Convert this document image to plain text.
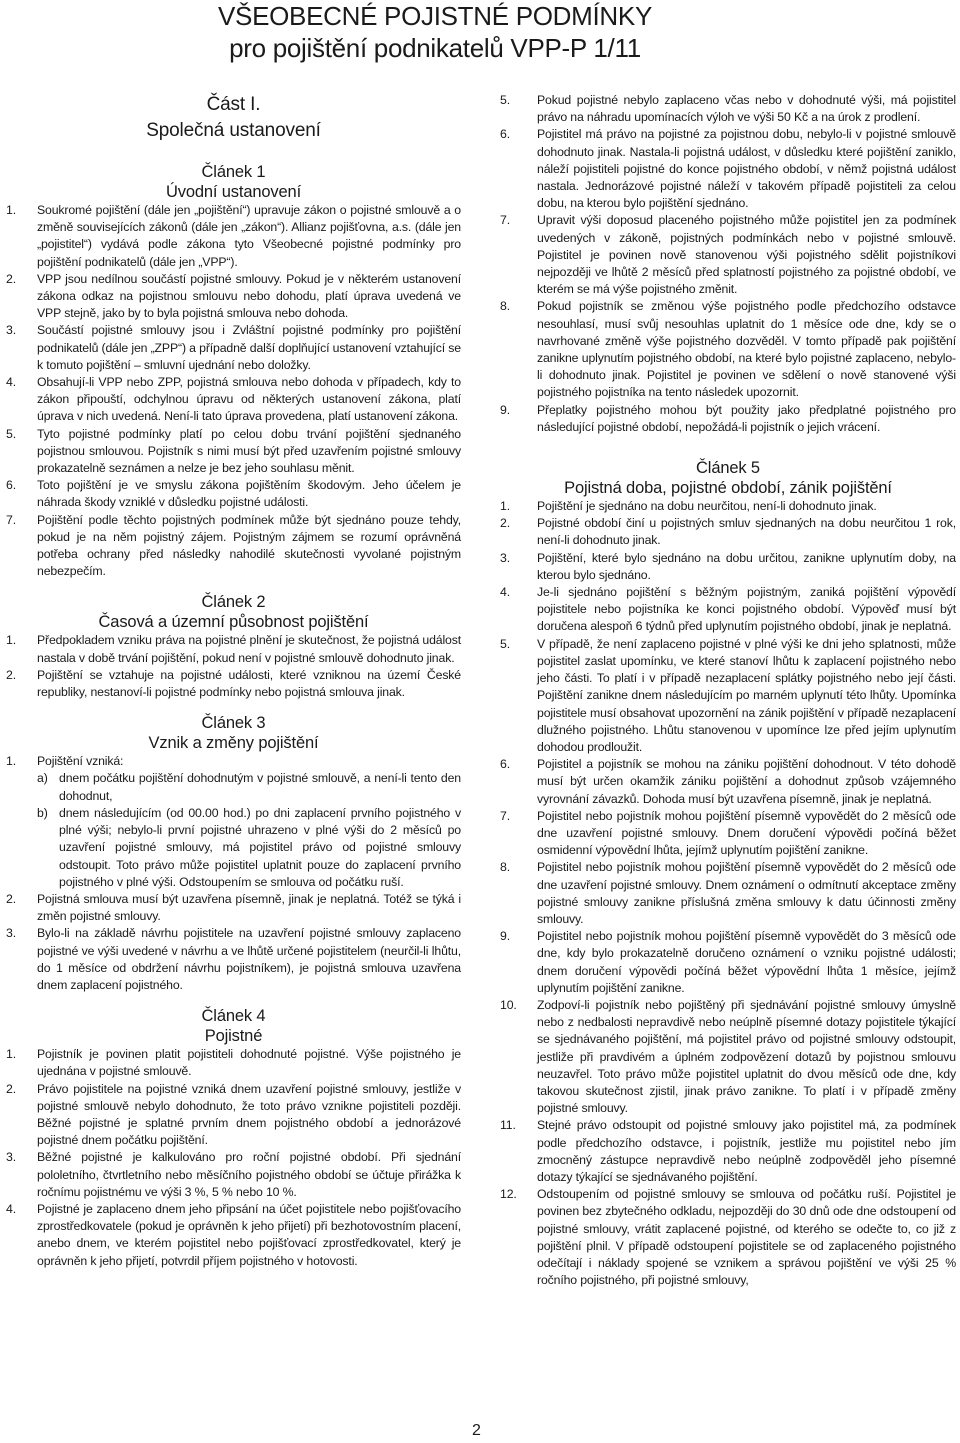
VŠEOBECNÉ POJISTNÉ PODMÍNKY
pro pojištění podnikatelů VPP-P 1/11
Část I.
Společná ustanovení
Článek 1
Úvodní ustanovení
1.	Soukromé pojištění (dále jen „pojištění“) upravuje zákon o pojistné smlouvě a o změně souvisejících zákonů (dále jen „zákon“). Allianz pojišťovna, a.s. (dále jen „pojistitel“) vydává podle zákona tyto Všeobecné pojistné podmínky pro pojištění podnikatelů (dále jen „VPP“).
2.	VPP jsou nedílnou součástí pojistné smlouvy. Pokud je v některém ustanovení zákona odkaz na pojistnou smlouvu nebo dohodu, platí úprava uvedená ve VPP stejně, jako by to byla pojistná smlouva nebo dohoda.
3.	Součástí pojistné smlouvy jsou i Zvláštní pojistné podmínky pro pojištění podnikatelů (dále jen „ZPP“) a případně další doplňující ustanovení vztahující se k tomuto pojištění – smluvní ujednání nebo doložky.
4.	Obsahují-li VPP nebo ZPP, pojistná smlouva nebo dohoda v případech, kdy to zákon připouští, odchylnou úpravu od některých ustanovení zákona, platí úprava v nich uvedená. Není-li tato úprava provedena, platí ustanovení zákona.
5.	Tyto pojistné podmínky platí po celou dobu trvání pojištění sjednaného pojistnou smlouvou. Pojistník s nimi musí být před uzavřením pojistné smlouvy prokazatelně seznámen a nelze je bez jeho souhlasu měnit.
6.	Toto pojištění je ve smyslu zákona pojištěním škodovým. Jeho účelem je náhrada škody vzniklé v důsledku pojistné události.
7.	Pojištění podle těchto pojistných podmínek může být sjednáno pouze tehdy, pokud je na něm pojistný zájem. Pojistným zájmem se rozumí oprávněná potřeba ochrany před následky nahodilé skutečnosti vyvolané pojistným nebezpečím.
Článek 2
Časová a územní působnost pojištění
1.	Předpokladem vzniku práva na pojistné plnění je skutečnost, že pojistná událost nastala v době trvání pojištění, pokud není v pojistné smlouvě dohodnuto jinak.
2.	Pojištění se vztahuje na pojistné události, které vzniknou na území České republiky, nestanoví-li pojistné podmínky nebo pojistná smlouva jinak.
Článek 3
Vznik a změny pojištění
1.	Pojištění vzniká:
a) dnem počátku pojištění dohodnutým v pojistné smlouvě, a není-li tento den dohodnut,
b) dnem následujícím (od 00.00 hod.) po dni zaplacení prvního pojistného v plné výši; nebylo-li první pojistné uhrazeno v plné výši do 2 měsíců po uzavření pojistné smlouvy, má pojistitel právo od pojistné smlouvy odstoupit. Toto právo může pojistitel uplatnit pouze do zaplacení prvního pojistného v plné výši. Odstoupením se smlouva od počátku ruší.
2.	Pojistná smlouva musí být uzavřena písemně, jinak je neplatná. Totéž se týká i změn pojistné smlouvy.
3.	Bylo-li na základě návrhu pojistitele na uzavření pojistné smlouvy zaplaceno pojistné ve výši uvedené v návrhu a ve lhůtě určené pojistitelem (neurčil-li lhůtu, do 1 měsíce od obdržení návrhu pojistníkem), je pojistná smlouva uzavřena dnem zaplacení pojistného.
Článek 4
Pojistné
1.	Pojistník je povinen platit pojistiteli dohodnuté pojistné. Výše pojistného je ujednána v pojistné smlouvě.
2.	Právo pojistitele na pojistné vzniká dnem uzavření pojistné smlouvy, jestliže v pojistné smlouvě nebylo dohodnuto, že toto právo vznikne pojistiteli později. Běžné pojistné je splatné prvním dnem pojistného období a jednorázové pojistné dnem počátku pojištění.
3.	Běžné pojistné je kalkulováno pro roční pojistné období. Při sjednání pololetního, čtvrtletního nebo měsíčního pojistného období se účtuje přirážka k ročnímu pojistnému ve výši 3 %, 5 % nebo 10 %.
4.	Pojistné je zaplaceno dnem jeho připsání na účet pojistitele nebo pojišťovacího zprostředkovatele (pokud je oprávněn k jeho přijetí) při bezhotovostním placení, anebo dnem, ve kterém pojistitel nebo pojišťovací zprostředkovatel, který je oprávněn k jeho přijetí, potvrdil příjem pojistného v hotovosti.
5.	Pokud pojistné nebylo zaplaceno včas nebo v dohodnuté výši, má pojistitel právo na náhradu upomínacích výloh ve výši 50 Kč a na úrok z prodlení.
6.	Pojistitel má právo na pojistné za pojistnou dobu, nebylo-li v pojistné smlouvě dohodnuto jinak. Nastala-li pojistná událost, v důsledku které pojištění zaniklo, náleží pojistiteli pojistné do konce pojistného období, v němž pojistná událost nastala. Jednorázové pojistné náleží v takovém případě pojistiteli za celou dobu, na kterou bylo pojištění sjednáno.
7.	Upravit výši doposud placeného pojistného může pojistitel jen za podmínek uvedených v zákoně, pojistných podmínkách nebo v pojistné smlouvě. Pojistitel je povinen nově stanovenou výši pojistného sdělit pojistníkovi nejpozději ve lhůtě 2 měsíců před splatností pojistného za pojistné období, ve kterém se má výše pojistného změnit.
8.	Pokud pojistník se změnou výše pojistného podle předchozího odstavce nesouhlasí, musí svůj nesouhlas uplatnit do 1 měsíce ode dne, kdy se o navrhované změně výše pojistného dozvěděl. V tomto případě pak pojištění zanikne uplynutím pojistného období, na které bylo pojistné zaplaceno, nebylo-li dohodnuto jinak. Pojistitel je povinen ve sdělení o nově stanovené výši pojistného pojistníka na tento následek upozornit.
9.	Přeplatky pojistného mohou být použity jako předplatné pojistného pro následující pojistné období, nepožádá-li pojistník o jejich vrácení.
Článek 5
Pojistná doba, pojistné období, zánik pojištění
1.	Pojištění je sjednáno na dobu neurčitou, není-li dohodnuto jinak.
2.	Pojistné období činí u pojistných smluv sjednaných na dobu neurčitou 1 rok, není-li dohodnuto jinak.
3.	Pojištění, které bylo sjednáno na dobu určitou, zanikne uplynutím doby, na kterou bylo sjednáno.
4.	Je-li sjednáno pojištění s běžným pojistným, zaniká pojištění výpovědí pojistitele nebo pojistníka ke konci pojistného období. Výpověď musí být doručena alespoň 6 týdnů před uplynutím pojistného období, jinak je neplatná.
5.	V případě, že není zaplaceno pojistné v plné výši ke dni jeho splatnosti, může pojistitel zaslat upomínku, ve které stanoví lhůtu k zaplacení pojistného nebo jeho části. To platí i v případě nezaplacení splátky pojistného nebo její části. Pojištění zanikne dnem následujícím po marném uplynutí této lhůty. Upomínka pojistitele musí obsahovat upozornění na zánik pojištění v případě nezaplacení dlužného pojistného. Lhůtu stanovenou v upomínce lze před jejím uplynutím dohodou prodloužit.
6.	Pojistitel a pojistník se mohou na zániku pojištění dohodnout. V této dohodě musí být určen okamžik zániku pojištění a dohodnut způsob vzájemného vyrovnání závazků. Dohoda musí být uzavřena písemně, jinak je neplatná.
7.	Pojistitel nebo pojistník mohou pojištění písemně vypovědět do 2 měsíců ode dne uzavření pojistné smlouvy. Dnem doručení výpovědi počíná běžet osmidenní výpovědní lhůta, jejímž uplynutím pojištění zanikne.
8.	Pojistitel nebo pojistník mohou pojištění písemně vypovědět do 2 měsíců ode dne uzavření pojistné smlouvy. Dnem oznámení o odmítnutí akceptace změny pojistné smlouvy zanikne příslušná změna smlouvy k datu účinnosti změny smlouvy.
9.	Pojistitel nebo pojistník mohou pojištění písemně vypovědět do 3 měsíců ode dne, kdy bylo prokazatelně doručeno oznámení o vzniku pojistné události; dnem doručení výpovědi počíná běžet výpovědní lhůta 1 měsíce, jejímž uplynutím pojištění zanikne.
10.	Zodpoví-li pojistník nebo pojištěný při sjednávání pojistné smlouvy úmyslně nebo z nedbalosti nepravdivě nebo neúplně písemné dotazy pojistitele týkající se sjednávaného pojištění, má pojistitel právo od pojistné smlouvy odstoupit, jestliže při pravdivém a úplném zodpovězení dotazů by pojistnou smlouvu neuzavřel. Toto právo může pojistitel uplatnit do dvou měsíců ode dne, kdy takovou skutečnost zjistil, jinak právo zanikne. To platí i v případě změny pojistné smlouvy.
11.	Stejné právo odstoupit od pojistné smlouvy jako pojistitel má, za podmínek podle předchozího odstavce, i pojistník, jestliže mu pojistitel nebo jím zmocněný zástupce nepravdivě nebo neúplně zodpověděl jeho písemné dotazy týkající se sjednávaného pojištění.
12.	Odstoupením od pojistné smlouvy se smlouva od počátku ruší. Pojistitel je povinen bez zbytečného odkladu, nejpozději do 30 dnů ode dne odstoupení od pojistné smlouvy, vrátit zaplacené pojistné, od kterého se odečte to, co již z pojištění plnil. V případě odstoupení pojistitele se od zaplaceného pojistného odečítají i náklady spojené se vznikem a správou pojištění ve výši 25 % ročního pojistného, při pojistné smlouvy,
2
